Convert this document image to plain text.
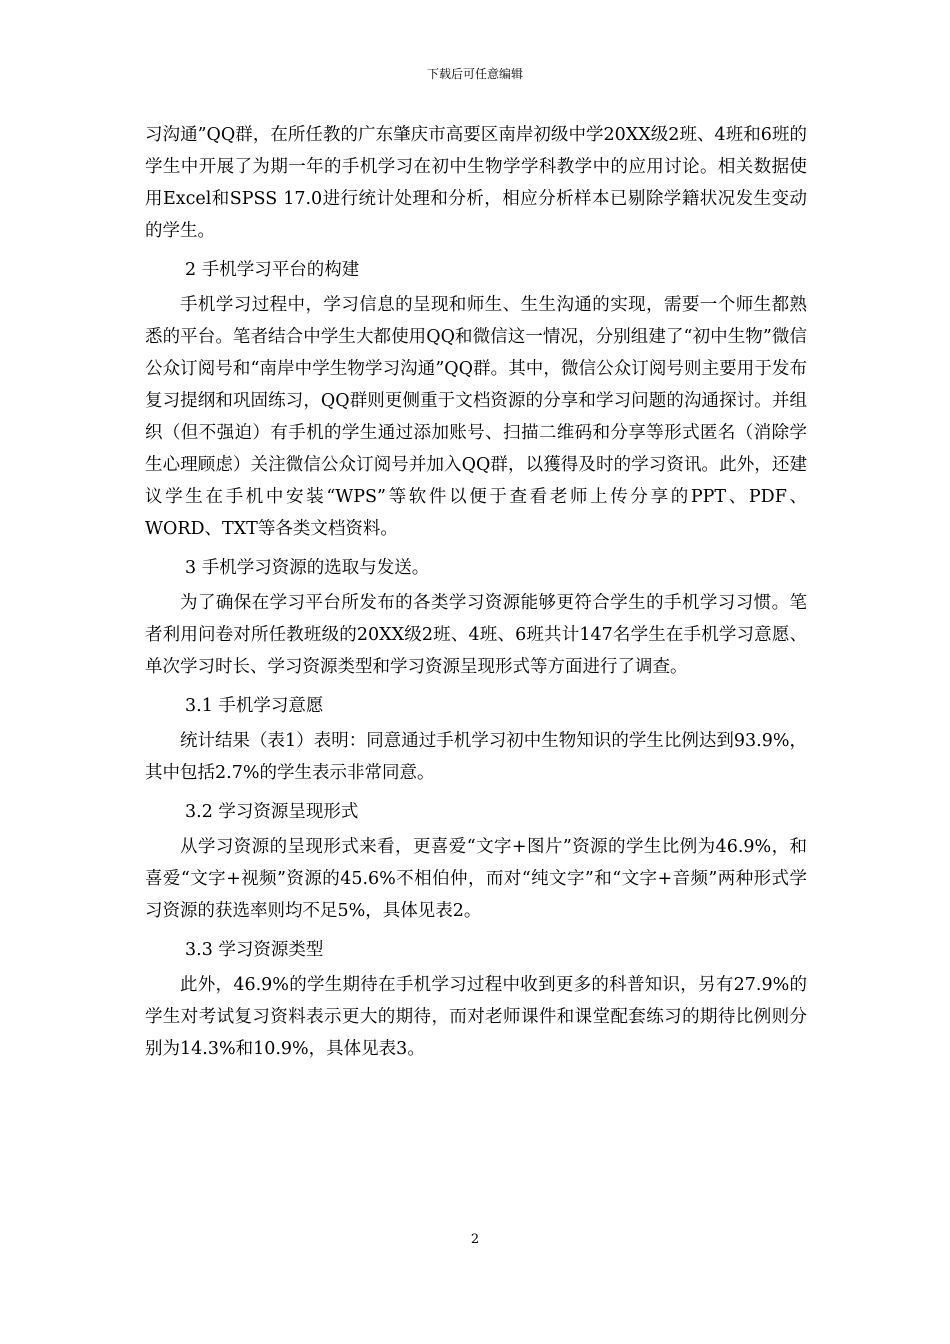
下载后可任意编辑

习沟通”QQ群，在所任教的广东肇庆市高要区南岸初级中学20XX级2班、4班和6班的学生中开展了为期一年的手机学习在初中生物学学科教学中的应用讨论。相关数据使用Excel和SPSS 17.0进行统计处理和分析，相应分析样本已剔除学籍状况发生变动的学生。

2 手机学习平台的构建

手机学习过程中，学习信息的呈现和师生、生生沟通的实现，需要一个师生都熟悉的平台。笔者结合中学生大都使用QQ和微信这一情况，分别组建了“初中生物”微信公众订阅号和“南岸中学生物学习沟通”QQ群。其中，微信公众订阅号则主要用于发布复习提纲和巩固练习，QQ群则更侧重于文档资源的分享和学习问题的沟通探讨。并组织（但不强迫）有手机的学生通过添加账号、扫描二维码和分享等形式匿名（消除学生心理顾虑）关注微信公众订阅号并加入QQ群，以獲得及时的学习资讯。此外，还建议学生在手机中安装“WPS”等软件以便于查看老师上传分享的PPT、PDF、WORD、TXT等各类文档资料。

3 手机学习资源的选取与发送。

为了确保在学习平台所发布的各类学习资源能够更符合学生的手机学习习惯。笔者利用问卷对所任教班级的20XX级2班、4班、6班共计147名学生在手机学习意愿、单次学习时长、学习资源类型和学习资源呈现形式等方面进行了调查。

3.1 手机学习意愿

统计结果（表1）表明：同意通过手机学习初中生物知识的学生比例达到93.9%，其中包括2.7%的学生表示非常同意。

3.2 学习资源呈现形式

从学习资源的呈现形式来看，更喜爱“文字+图片”资源的学生比例为46.9%，和喜爱“文字+视频”资源的45.6%不相伯仲，而对“纯文字”和“文字+音频”两种形式学习资源的获选率则均不足5%，具体见表2。

3.3 学习资源类型

此外，46.9%的学生期待在手机学习过程中收到更多的科普知识，另有27.9%的学生对考试复习资料表示更大的期待，而对老师课件和课堂配套练习的期待比例则分别为14.3%和10.9%，具体见表3。

2
